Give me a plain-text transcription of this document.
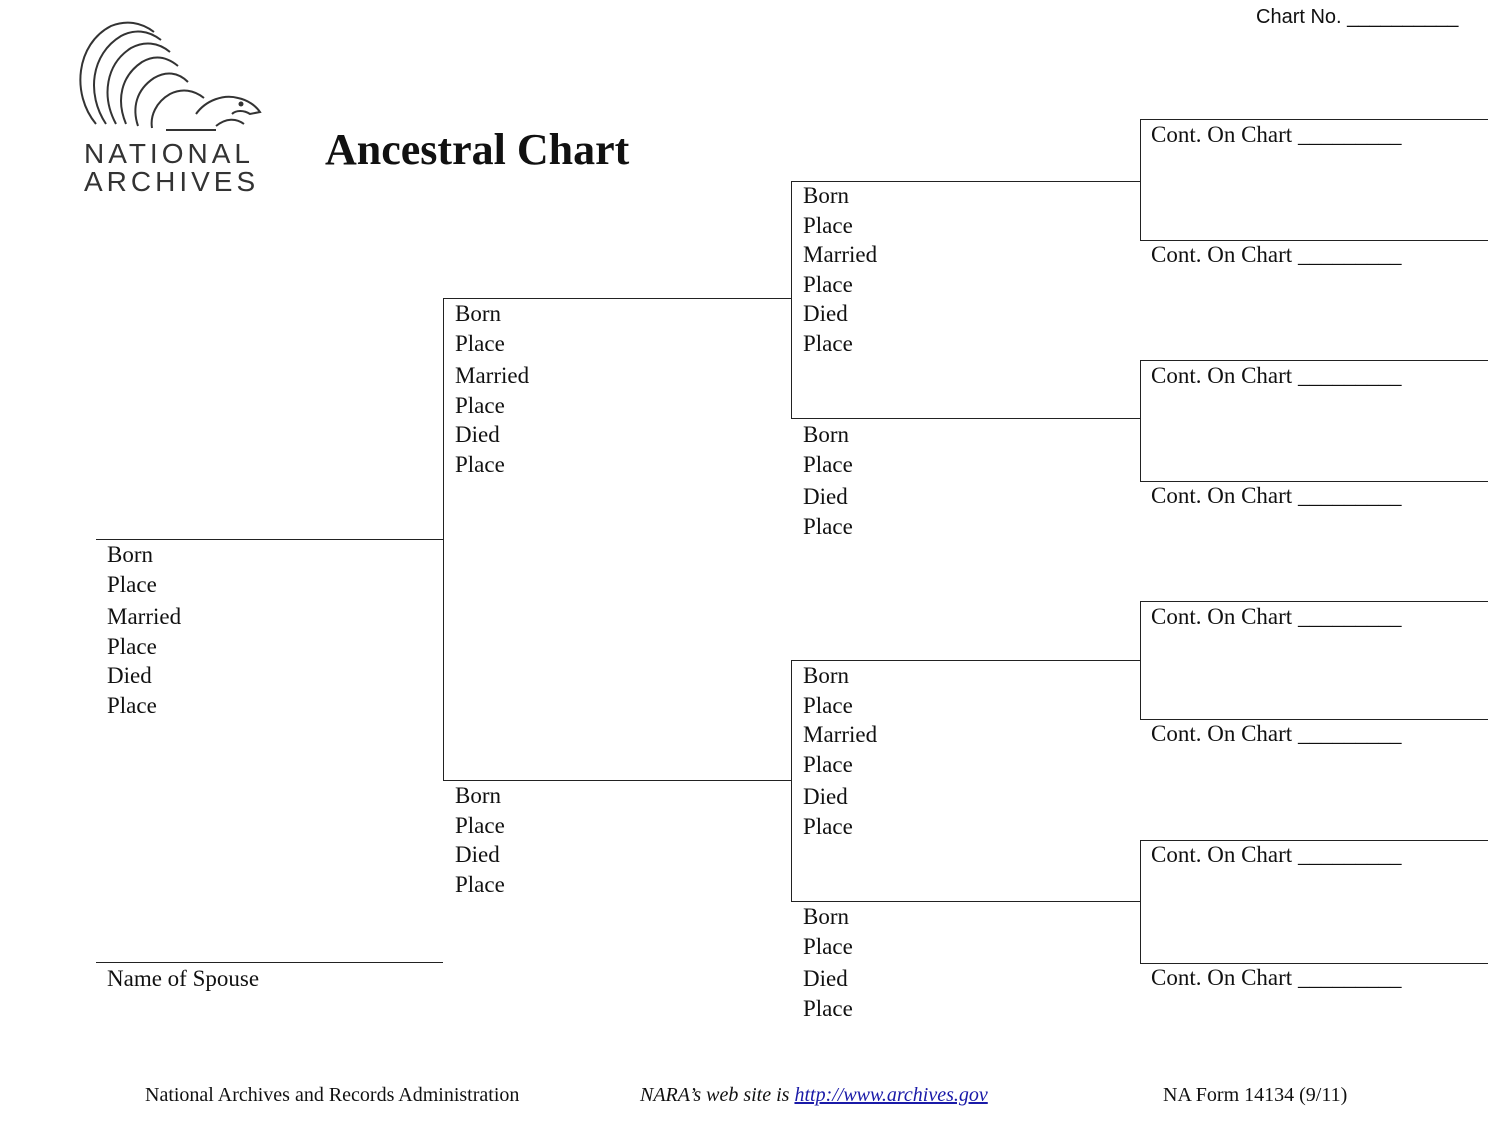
Chart No. __________
Ancestral Chart
NATIONAL
ARCHIVES
Born
Place
Married
Place
Died
Place
Name of Spouse
Born
Place
Married
Place
Died
Place
Born
Place
Died
Place
Born
Place
Married
Place
Died
Place
Born
Place
Died
Place
Born
Place
Married
Place
Died
Place
Born
Place
Died
Place
Cont. On Chart _________
Cont. On Chart _________
Cont. On Chart _________
Cont. On Chart _________
Cont. On Chart _________
Cont. On Chart _________
Cont. On Chart _________
Cont. On Chart _________
National Archives and Records Administration	NARA’s web site is http://www.archives.gov	NA Form 14134 (9/11)
